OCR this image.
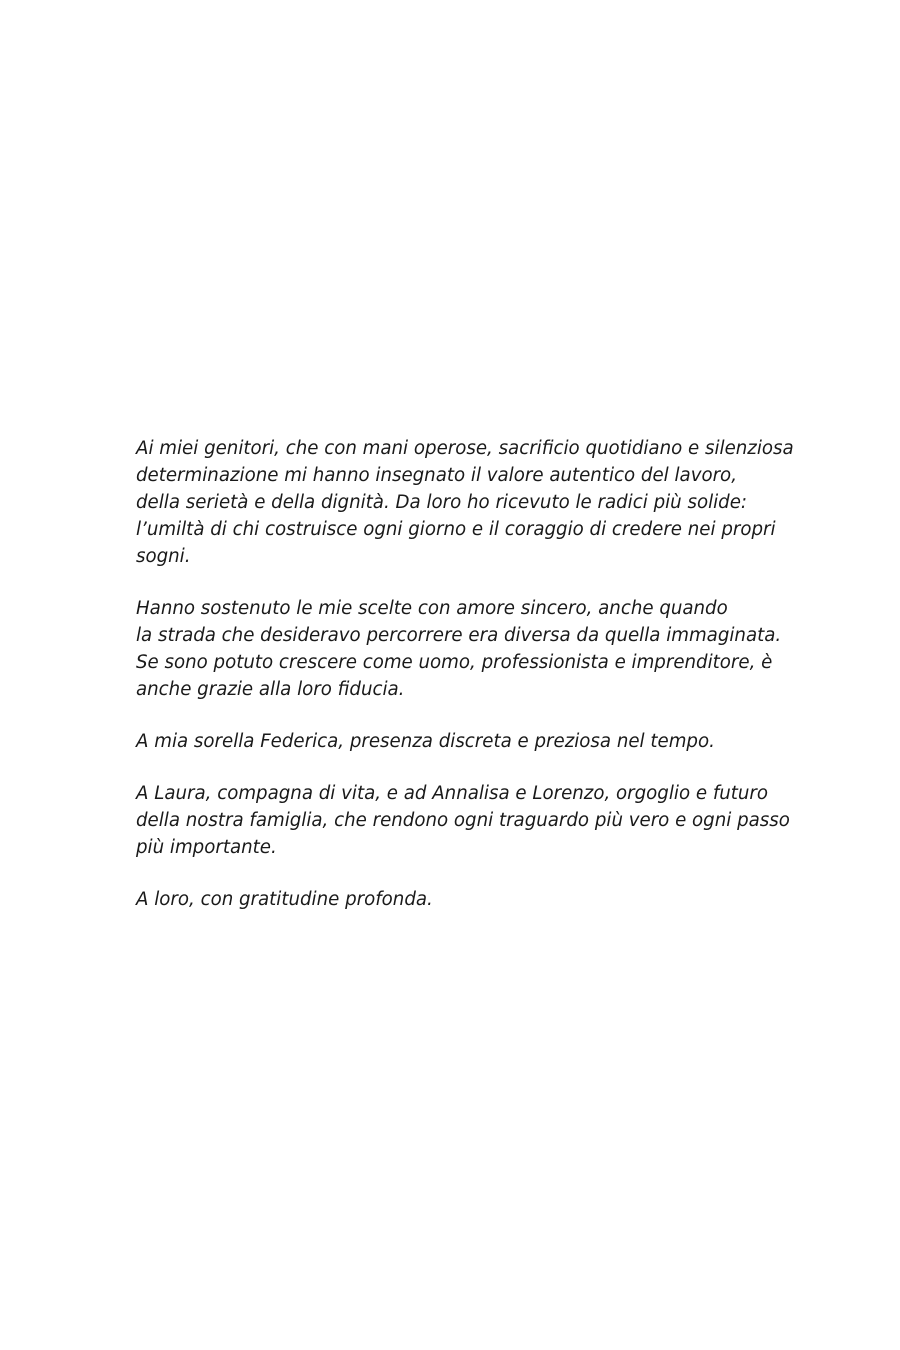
Ai miei genitori, che con mani operose, sacrificio quotidiano e silenziosa
determinazione mi hanno insegnato il valore autentico del lavoro,
della serietà e della dignità. Da loro ho ricevuto le radici più solide:
l’umiltà di chi costruisce ogni giorno e il coraggio di credere nei propri
sogni.

Hanno sostenuto le mie scelte con amore sincero, anche quando
la strada che desideravo percorrere era diversa da quella immaginata.
Se sono potuto crescere come uomo, professionista e imprenditore, è
anche grazie alla loro fiducia.

A mia sorella Federica, presenza discreta e preziosa nel tempo.

A Laura, compagna di vita, e ad Annalisa e Lorenzo, orgoglio e futuro
della nostra famiglia, che rendono ogni traguardo più vero e ogni passo
più importante.

A loro, con gratitudine profonda.
